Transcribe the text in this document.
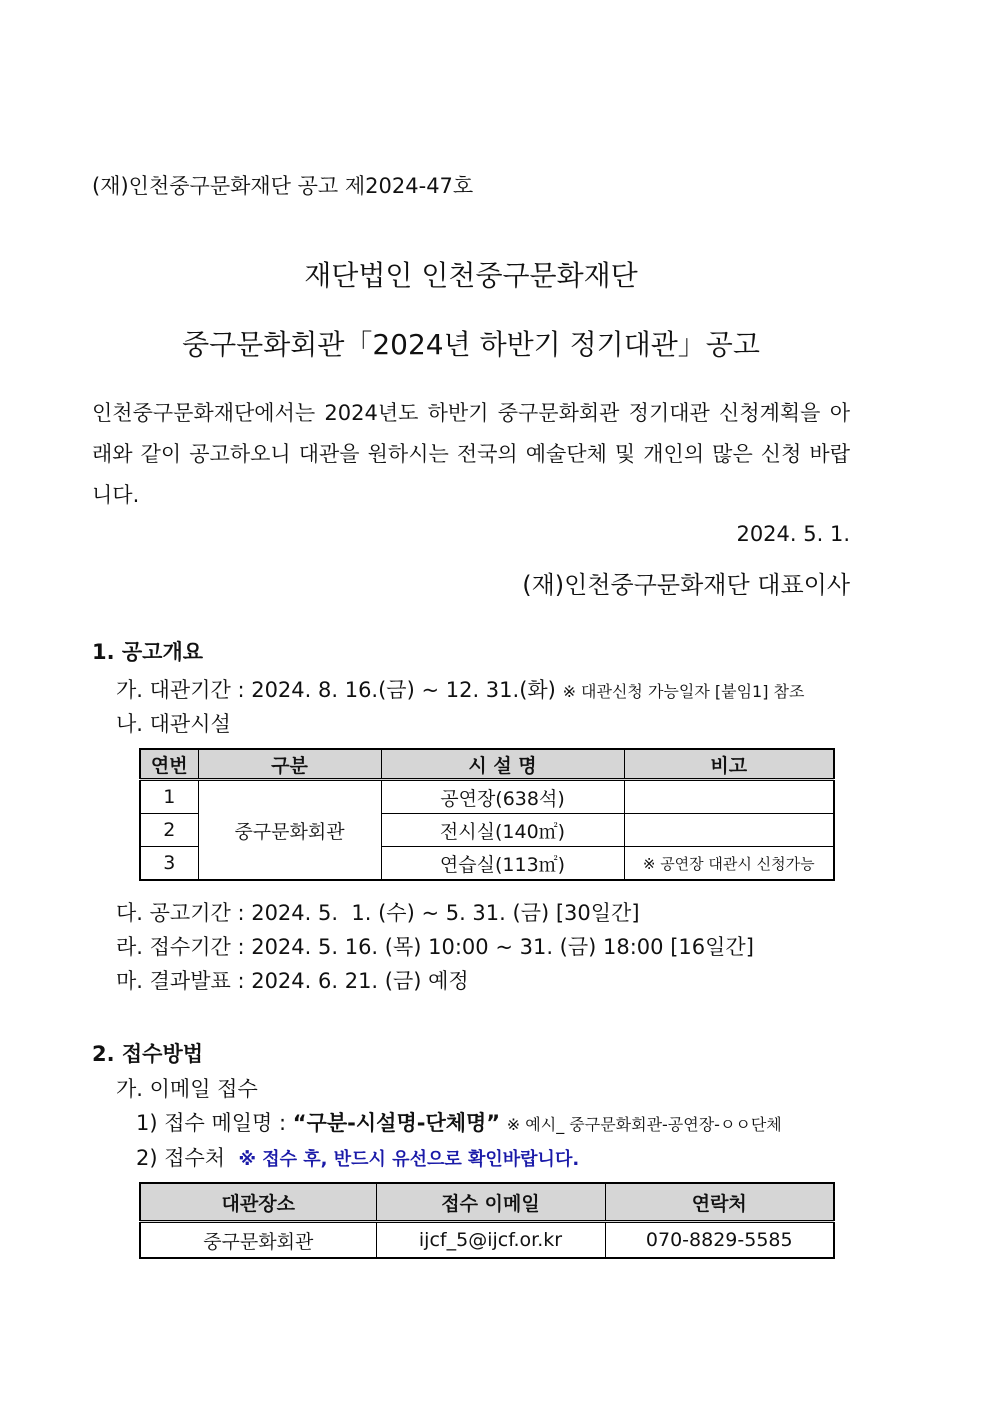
(재)인천중구문화재단 공고 제2024-47호
재단법인 인천중구문화재단
중구문화회관「2024년 하반기 정기대관」공고
인천중구문화재단에서는 2024년도 하반기 중구문화회관 정기대관 신청계획을 아래와 같이 공고하오니 대관을 원하시는 전국의 예술단체 및 개인의 많은 신청 바랍니다.
2024. 5. 1.
(재)인천중구문화재단 대표이사
1. 공고개요
가. 대관기간 : 2024. 8. 16.(금) ~ 12. 31.(화) ※ 대관신청 가능일자 [붙임1] 참조
나. 대관시설
연번	구분	시 설 명	비고
1	중구문화회관	공연장(638석)	
2		전시실(140㎡)	
3		연습실(113㎡)	※ 공연장 대관시 신청가능
다. 공고기간 : 2024. 5.  1. (수) ~ 5. 31. (금) [30일간]
라. 접수기간 : 2024. 5. 16. (목) 10:00 ~ 31. (금) 18:00 [16일간]
마. 결과발표 : 2024. 6. 21. (금) 예정
2. 접수방법
가. 이메일 접수
1) 접수 메일명 : “구분-시설명-단체명” ※ 예시_ 중구문화회관-공연장-ㅇㅇ단체
2) 접수처 ※ 접수 후, 반드시 유선으로 확인바랍니다.
대관장소	접수 이메일	연락처
중구문화회관	ijcf_5@ijcf.or.kr	070-8829-5585
